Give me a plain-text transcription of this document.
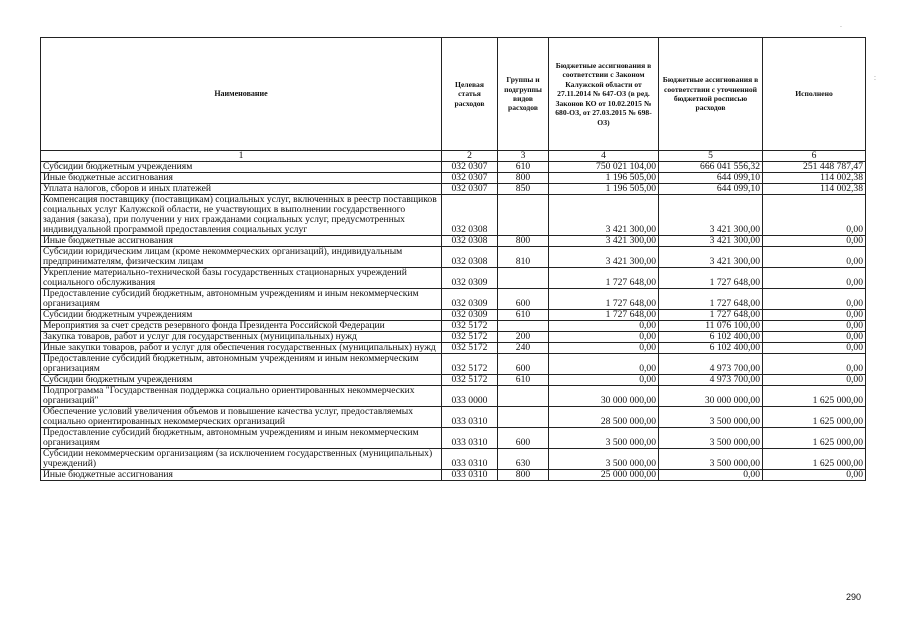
Наименование	Целевая статья расходов	Группы и подгруппы видов расходов	Бюджетные ассигнования в соответствии с Законом Калужской области от 27.11.2014 № 647-ОЗ (в ред. Законов КО от 10.02.2015 № 680-ОЗ, от 27.03.2015 № 698-ОЗ)	Бюджетные ассигнования в соответствии с уточненной бюджетной росписью расходов	Исполнено
1	2	3	4	5	6
Субсидии бюджетным учреждениям	032 0307	610	750 021 104,00	666 041 556,32	251 448 787,47
Иные бюджетные ассигнования	032 0307	800	1 196 505,00	644 099,10	114 002,38
Уплата налогов, сборов и иных платежей	032 0307	850	1 196 505,00	644 099,10	114 002,38
Компенсация поставщику (поставщикам) социальных услуг, включенных в реестр поставщиков социальных услуг Калужской области, не участвующих в выполнении государственного задания (заказа), при получении у них гражданами социальных услуг, предусмотренных индивидуальной программой предоставления социальных услуг	032 0308		3 421 300,00	3 421 300,00	0,00
Иные бюджетные ассигнования	032 0308	800	3 421 300,00	3 421 300,00	0,00
Субсидии юридическим лицам (кроме некоммерческих организаций), индивидуальным предпринимателям, физическим лицам	032 0308	810	3 421 300,00	3 421 300,00	0,00
Укрепление материально-технической базы государственных стационарных учреждений социального обслуживания	032 0309		1 727 648,00	1 727 648,00	0,00
Предоставление субсидий бюджетным, автономным учреждениям и иным некоммерческим организациям	032 0309	600	1 727 648,00	1 727 648,00	0,00
Субсидии бюджетным учреждениям	032 0309	610	1 727 648,00	1 727 648,00	0,00
Мероприятия за счет средств резервного фонда Президента Российской Федерации	032 5172		0,00	11 076 100,00	0,00
Закупка товаров, работ и услуг для государственных (муниципальных) нужд	032 5172	200	0,00	6 102 400,00	0,00
Иные закупки товаров, работ и услуг для обеспечения государственных (муниципальных) нужд	032 5172	240	0,00	6 102 400,00	0,00
Предоставление субсидий бюджетным, автономным учреждениям и иным некоммерческим организациям	032 5172	600	0,00	4 973 700,00	0,00
Субсидии бюджетным учреждениям	032 5172	610	0,00	4 973 700,00	0,00
Подпрограмма "Государственная поддержка социально ориентированных некоммерческих организаций"	033 0000		30 000 000,00	30 000 000,00	1 625 000,00
Обеспечение условий увеличения объемов и повышение качества услуг, предоставляемых социально ориентированных некоммерческих организаций	033 0310		28 500 000,00	3 500 000,00	1 625 000,00
Предоставление субсидий бюджетным, автономным учреждениям и иным некоммерческим организациям	033 0310	600	3 500 000,00	3 500 000,00	1 625 000,00
Субсидии некоммерческим организациям (за исключением государственных (муниципальных) учреждений)	033 0310	630	3 500 000,00	3 500 000,00	1 625 000,00
Иные бюджетные ассигнования	033 0310	800	25 000 000,00	0,00	0,00
290
.
:
